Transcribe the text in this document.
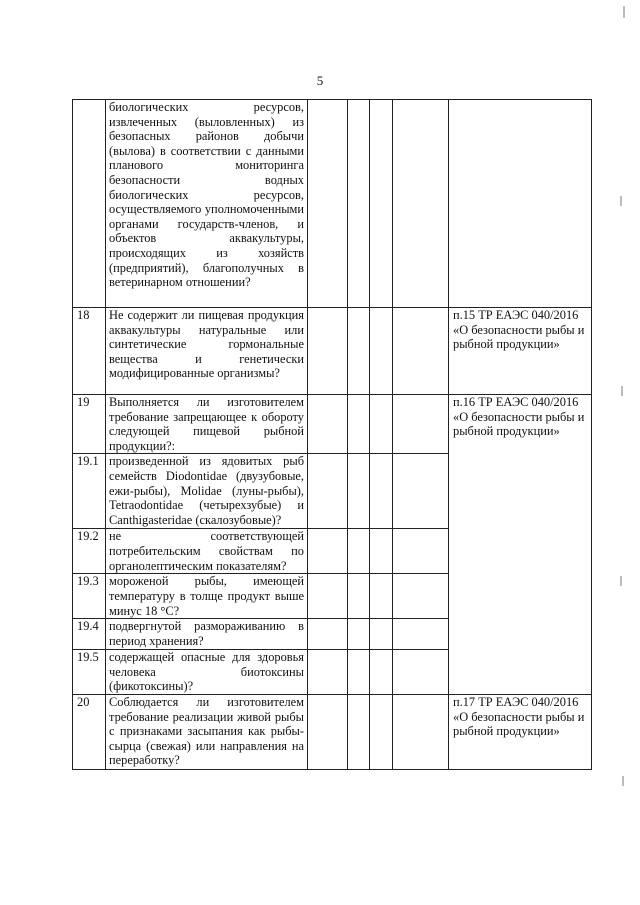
5
	биологических ресурсов, извлеченных (выловленных) из безопасных районов добычи (вылова) в соответствии с данными планового мониторинга безопасности водных биологических ресурсов, осуществляемого уполномоченными органами государств-членов, и объектов аквакультуры, происходящих из хозяйств (предприятий), благополучных в ветеринарном отношении?					
18	Не содержит ли пищевая продукция аквакультуры натуральные или синтетические гормональные вещества и генетически модифицированные организмы?					п.15 ТР ЕАЭС 040/2016 «О безопасности рыбы и рыбной продукции»
19	Выполняется ли изготовителем требование запрещающее к обороту следующей пищевой рыбной продукции?:					п.16 ТР ЕАЭС 040/2016 «О безопасности рыбы и рыбной продукции»
19.1	произведенной из ядовитых рыб семейств Diodontidae (двузубовые, ежи-рыбы), Molidae (луны-рыбы), Tetraodontidae (четырехзубые) и Canthigasteridae (скалозубовые)?					
19.2	не соответствующей потребительским свойствам по органолептическим показателям?					
19.3	мороженой рыбы, имеющей температуру в толще продукт выше минус 18 °С?					
19.4	подвергнутой размораживанию в период хранения?					
19.5	содержащей опасные для здоровья человека биотоксины (фикотоксины)?					
20	Соблюдается ли изготовителем требование реализации живой рыбы с признаками засыпания как рыбы-сырца (свежая) или направления на переработку?					п.17 ТР ЕАЭС 040/2016 «О безопасности рыбы и рыбной продукции»
